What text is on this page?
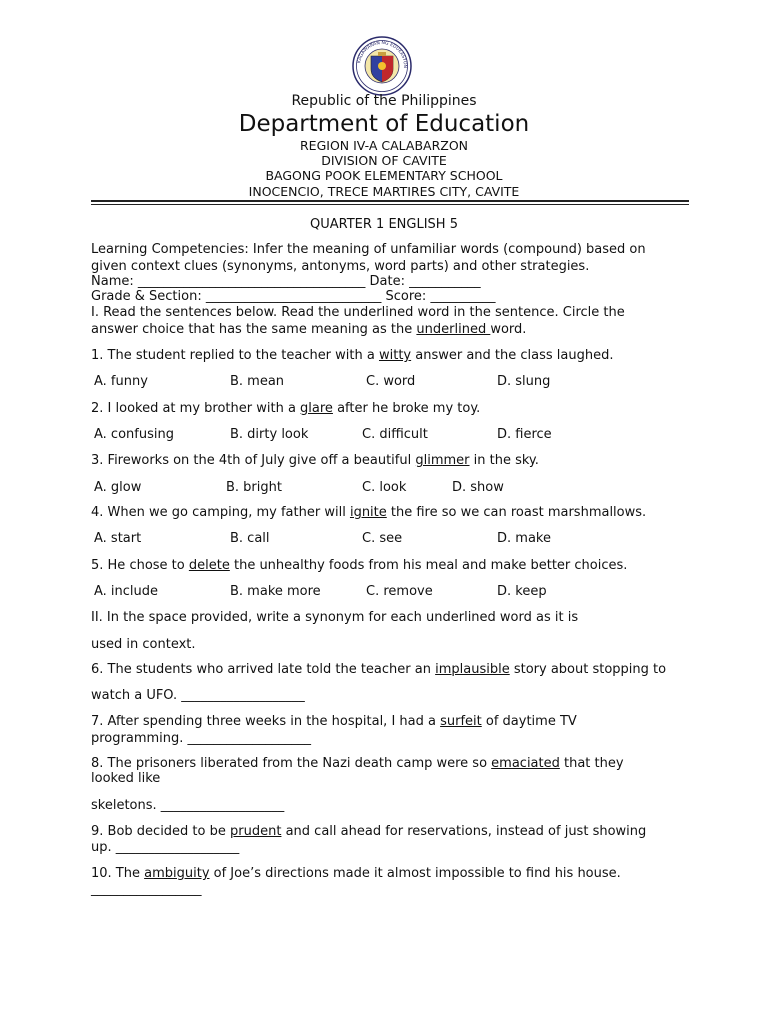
KAGAWARAN NG EDUKASYON
Republic of the Philippines
Department of Education
REGION IV-A CALABARZON
DIVISION OF CAVITE
BAGONG POOK ELEMENTARY SCHOOL
INOCENCIO, TRECE MARTIRES CITY, CAVITE
QUARTER 1 ENGLISH 5
Learning Competencies: Infer the meaning of unfamiliar words (compound) based on
given context clues (synonyms, antonyms, word parts) and other strategies.
Name: ___________________________________ Date: ___________
Grade & Section: ___________________________ Score: __________
I. Read the sentences below. Read the underlined word in the sentence. Circle the
answer choice that has the same meaning as the underlined word.
1. The student replied to the teacher with a witty answer and the class laughed.
A. funny	B. mean	C. word	D. slung
2. I looked at my brother with a glare after he broke my toy.
A. confusing	B. dirty look	C. difficult	D. fierce
3. Fireworks on the 4th of July give off a beautiful glimmer in the sky.
A. glow	B. bright	C. look	D. show
4. When we go camping, my father will ignite the fire so we can roast marshmallows.
A. start	B. call	C. see	D. make
5. He chose to delete the unhealthy foods from his meal and make better choices.
A. include	B. make more	C. remove	D. keep
II. In the space provided, write a synonym for each underlined word as it is
used in context.
6. The students who arrived late told the teacher an implausible story about stopping to
watch a UFO. ___________________
7. After spending three weeks in the hospital, I had a surfeit of daytime TV
programming. ___________________
8. The prisoners liberated from the Nazi death camp were so emaciated that they
looked like
skeletons. ___________________
9. Bob decided to be prudent and call ahead for reservations, instead of just showing
up. ___________________
10. The ambiguity of Joe’s directions made it almost impossible to find his house.
_________________
